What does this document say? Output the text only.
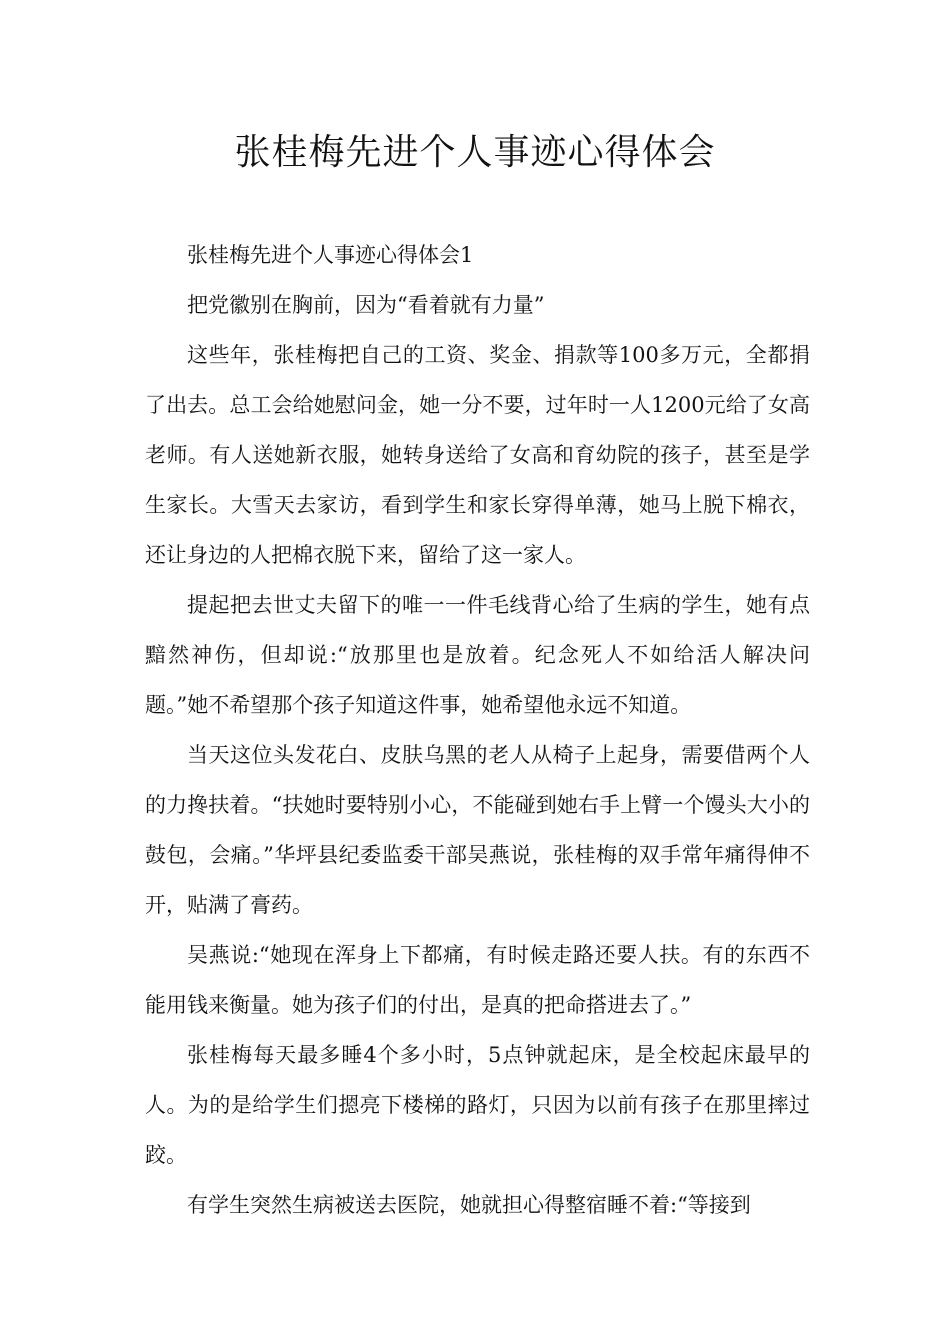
张桂梅先进个人事迹心得体会

张桂梅先进个人事迹心得体会1

把党徽别在胸前，因为“看着就有力量”

这些年，张桂梅把自己的工资、奖金、捐款等100多万元，全都捐了出去。总工会给她慰问金，她一分不要，过年时一人1200元给了女高老师。有人送她新衣服，她转身送给了女高和育幼院的孩子，甚至是学生家长。大雪天去家访，看到学生和家长穿得单薄，她马上脱下棉衣，还让身边的人把棉衣脱下来，留给了这一家人。

提起把去世丈夫留下的唯一一件毛线背心给了生病的学生，她有点黯然神伤，但却说:“放那里也是放着。纪念死人不如给活人解决问题。”她不希望那个孩子知道这件事，她希望他永远不知道。

当天这位头发花白、皮肤乌黑的老人从椅子上起身，需要借两个人的力搀扶着。“扶她时要特别小心，不能碰到她右手上臂一个馒头大小的鼓包，会痛。”华坪县纪委监委干部吴燕说，张桂梅的双手常年痛得伸不开，贴满了膏药。

吴燕说:“她现在浑身上下都痛，有时候走路还要人扶。有的东西不能用钱来衡量。她为孩子们的付出，是真的把命搭进去了。”

张桂梅每天最多睡4个多小时，5点钟就起床，是全校起床最早的人。为的是给学生们摁亮下楼梯的路灯，只因为以前有孩子在那里摔过跤。

有学生突然生病被送去医院，她就担心得整宿睡不着:“等接到
